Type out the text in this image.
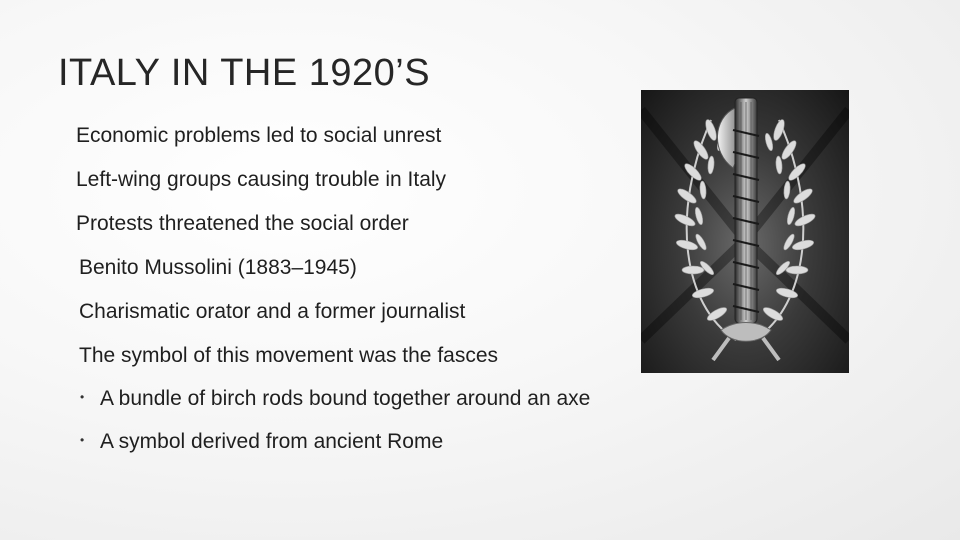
ITALY IN THE 1920’S
Economic problems led to social unrest
Left-wing groups causing trouble in Italy
Protests threatened the social order
Benito Mussolini (1883–1945)
Charismatic orator and a former journalist
The symbol of this movement was the fasces
• A bundle of birch rods bound together around an axe
• A symbol derived from ancient Rome
